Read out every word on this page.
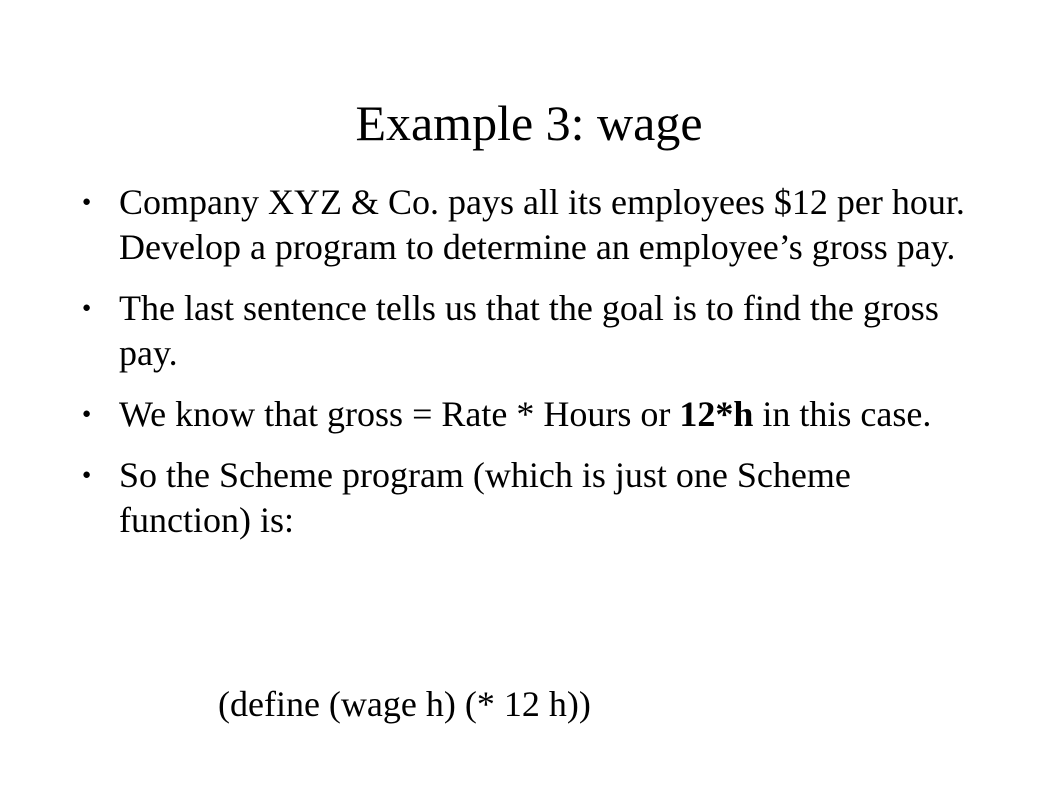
Example 3: wage
● Company XYZ & Co. pays all its employees $12 per hour. Develop a program to determine an employee’s gross pay.
● The last sentence tells us that the goal is to find the gross pay.
● We know that gross = Rate * Hours or 12*h in this case.
● So the Scheme program (which is just one Scheme function) is:
(define (wage h) (* 12 h))
